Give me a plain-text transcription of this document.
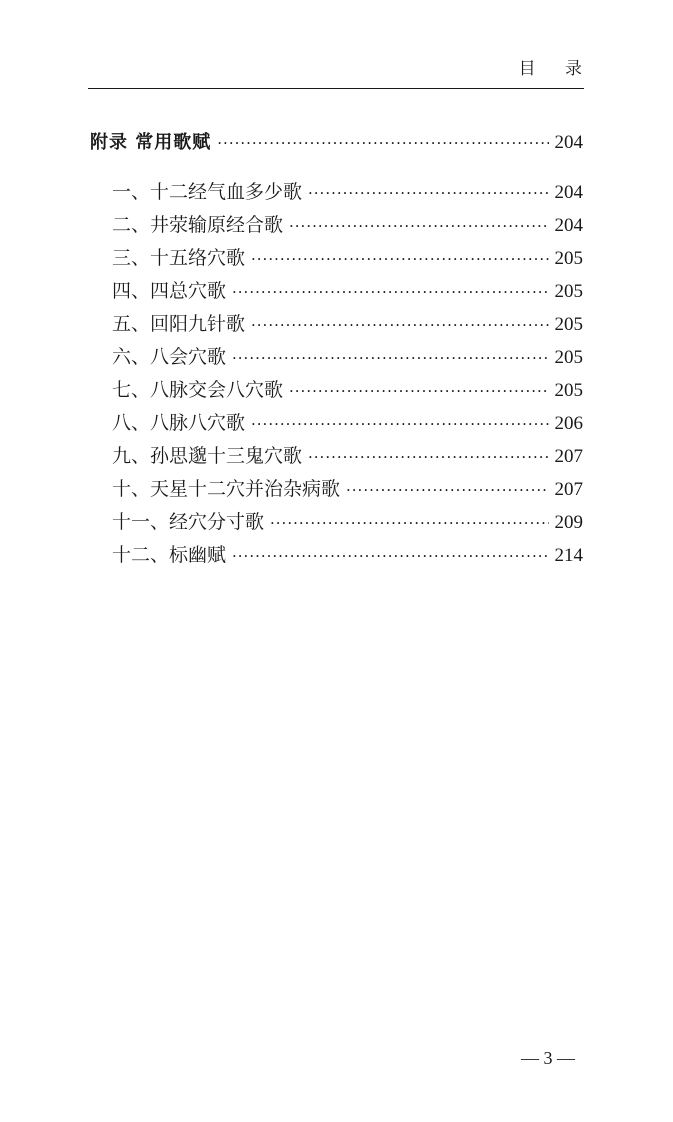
目 录
附录 常用歌赋 ·····	204
一、十二经气血多少歌 ·····	204
二、井荥输原经合歌 ·····	204
三、十五络穴歌 ·····	205
四、四总穴歌 ·····	205
五、回阳九针歌 ·····	205
六、八会穴歌 ·····	205
七、八脉交会八穴歌 ·····	205
八、八脉八穴歌 ·····	206
九、孙思邈十三鬼穴歌 ·····	207
十、天星十二穴并治杂病歌 ·····	207
十一、经穴分寸歌 ·····	209
十二、标幽赋 ·····	214
— 3 —
